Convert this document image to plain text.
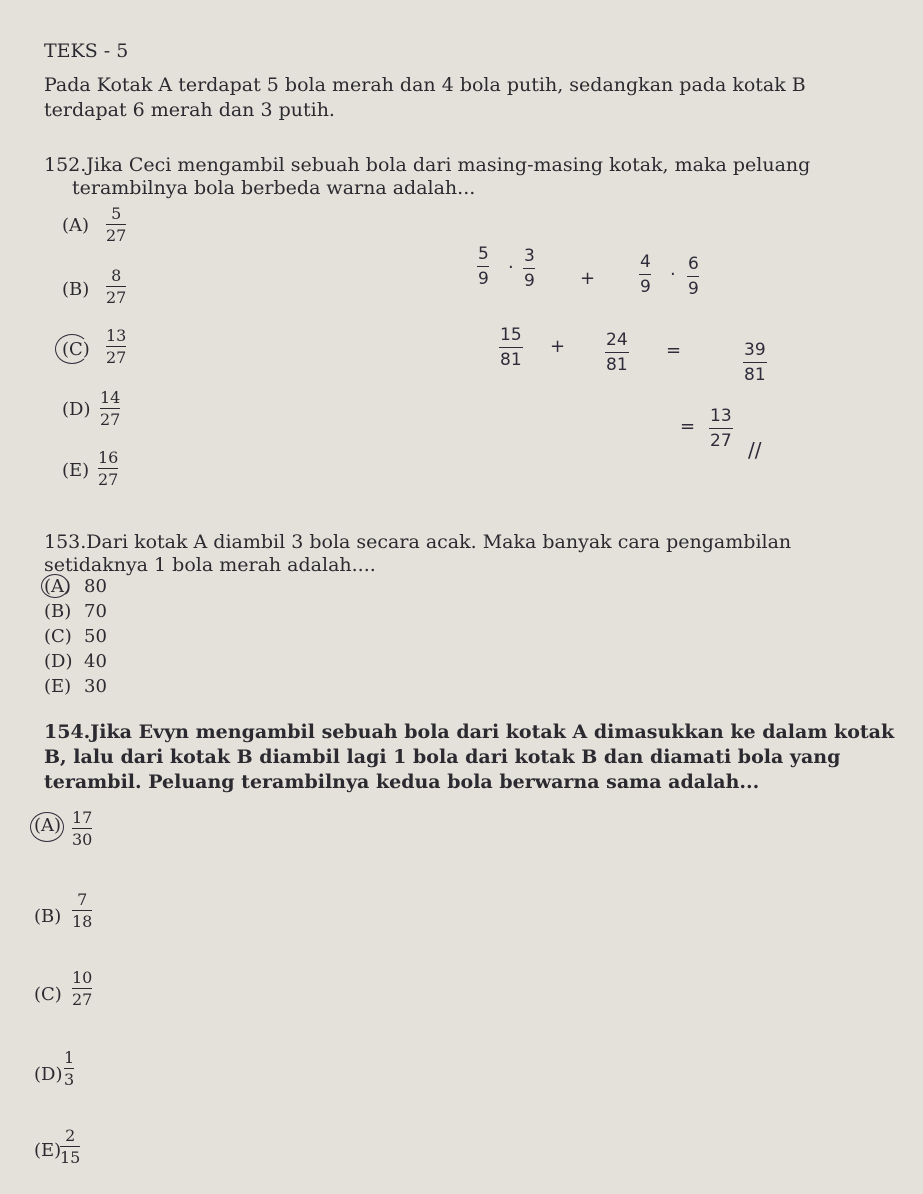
TEKS - 5
Pada Kotak A terdapat 5 bola merah dan 4 bola putih, sedangkan pada kotak B
terdapat 6 merah dan 3 putih.
152.Jika Ceci mengambil sebuah bola dari masing-masing kotak, maka peluang
terambilnya bola berbeda warna adalah...
(A)
5
27
(B)
8
27
(C)
13
27
(D)
14
27
(E)
16
27
5
9
·
3
9	+
4
9
· 6
9
15
81
+ 24
81
=	39
81
= 13
27 //
153.Dari kotak A diambil 3 bola secara acak. Maka banyak cara pengambilan
setidaknya 1 bola merah adalah....
(A) 80
(B) 70
(C) 50
(D) 40
(E) 30
154.Jika Evyn mengambil sebuah bola dari kotak A dimasukkan ke dalam kotak
B, lalu dari kotak B diambil lagi 1 bola dari kotak B dan diamati bola yang
terambil. Peluang terambilnya kedua bola berwarna sama adalah...
(A) 17
30
(B)
7
18
(C)
10
27
(D)
1
3
(E)
2
15
